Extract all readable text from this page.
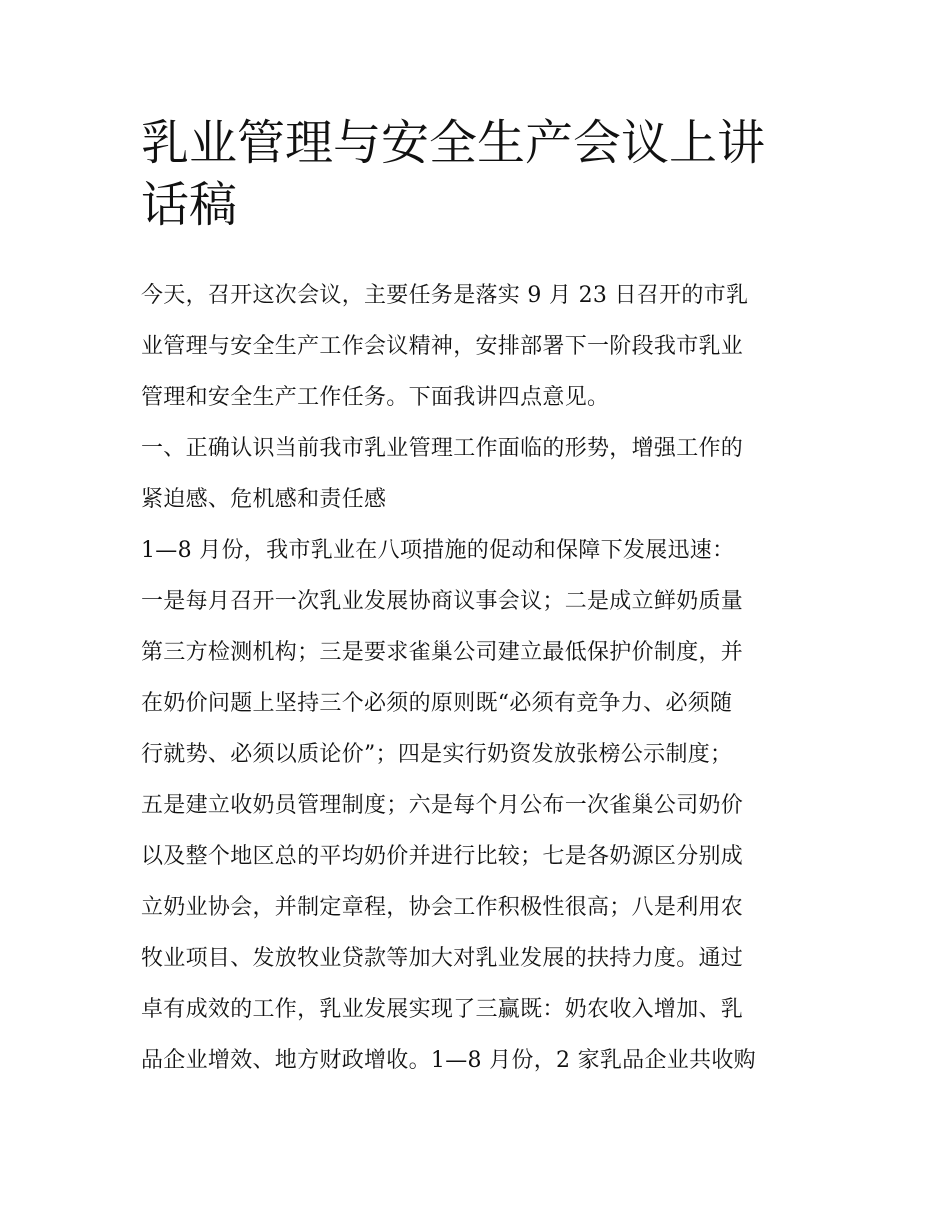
乳业管理与安全生产会议上讲
话稿

今天，召开这次会议，主要任务是落实 9 月 23 日召开的市乳
业管理与安全生产工作会议精神，安排部署下一阶段我市乳业
管理和安全生产工作任务。下面我讲四点意见。

一、正确认识当前我市乳业管理工作面临的形势，增强工作的
紧迫感、危机感和责任感

1—8 月份，我市乳业在八项措施的促动和保障下发展迅速：
一是每月召开一次乳业发展协商议事会议；二是成立鲜奶质量
第三方检测机构；三是要求雀巢公司建立最低保护价制度，并
在奶价问题上坚持三个必须的原则既“必须有竞争力、必须随
行就势、必须以质论价”；四是实行奶资发放张榜公示制度；
五是建立收奶员管理制度；六是每个月公布一次雀巢公司奶价
以及整个地区总的平均奶价并进行比较；七是各奶源区分别成
立奶业协会，并制定章程，协会工作积极性很高；八是利用农
牧业项目、发放牧业贷款等加大对乳业发展的扶持力度。通过
卓有成效的工作，乳业发展实现了三赢既：奶农收入增加、乳
品企业增效、地方财政增收。1—8 月份，2 家乳品企业共收购
